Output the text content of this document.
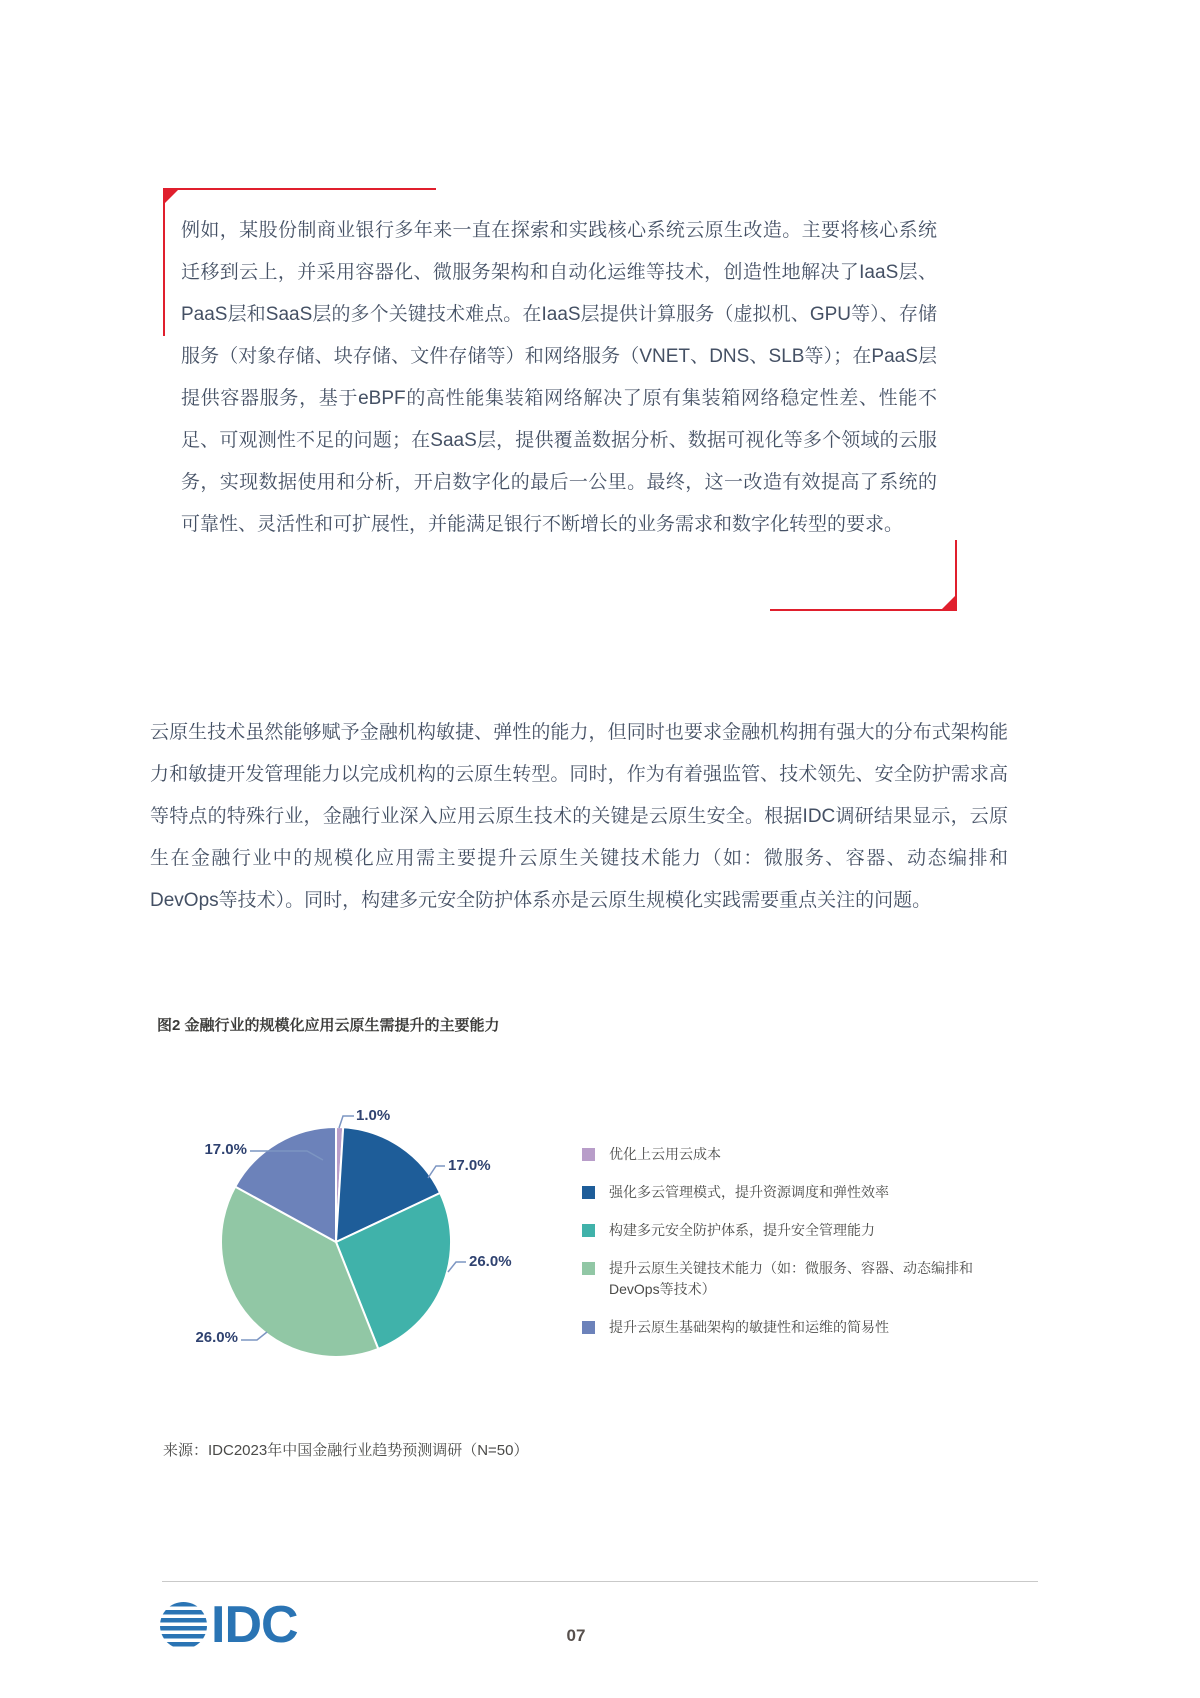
例如，某股份制商业银行多年来一直在探索和实践核心系统云原生改造。主要将核心系统迁移到云上，并采用容器化、微服务架构和自动化运维等技术，创造性地解决了IaaS层、PaaS层和SaaS层的多个关键技术难点。在IaaS层提供计算服务（虚拟机、GPU等）、存储服务（对象存储、块存储、文件存储等）和网络服务（VNET、DNS、SLB等）；在PaaS层提供容器服务，基于eBPF的高性能集装箱网络解决了原有集装箱网络稳定性差、性能不足、可观测性不足的问题；在SaaS层，提供覆盖数据分析、数据可视化等多个领域的云服务，实现数据使用和分析，开启数字化的最后一公里。最终，这一改造有效提高了系统的可靠性、灵活性和可扩展性，并能满足银行不断增长的业务需求和数字化转型的要求。

云原生技术虽然能够赋予金融机构敏捷、弹性的能力，但同时也要求金融机构拥有强大的分布式架构能力和敏捷开发管理能力以完成机构的云原生转型。同时，作为有着强监管、技术领先、安全防护需求高等特点的特殊行业，金融行业深入应用云原生技术的关键是云原生安全。根据IDC调研结果显示，云原生在金融行业中的规模化应用需主要提升云原生关键技术能力（如：微服务、容器、动态编排和DevOps等技术）。同时，构建多元安全防护体系亦是云原生规模化实践需要重点关注的问题。

图2 金融行业的规模化应用云原生需提升的主要能力
1.0%
17.0%
26.0%
26.0%
17.0%	优化上云用云成本
强化多云管理模式，提升资源调度和弹性效率
构建多元安全防护体系，提升安全管理能力
提升云原生关键技术能力（如：微服务、容器、动态编排和DevOps等技术）
提升云原生基础架构的敏捷性和运维的简易性
来源：IDC2023年中国金融行业趋势预测调研（N=50）
IDC	07
